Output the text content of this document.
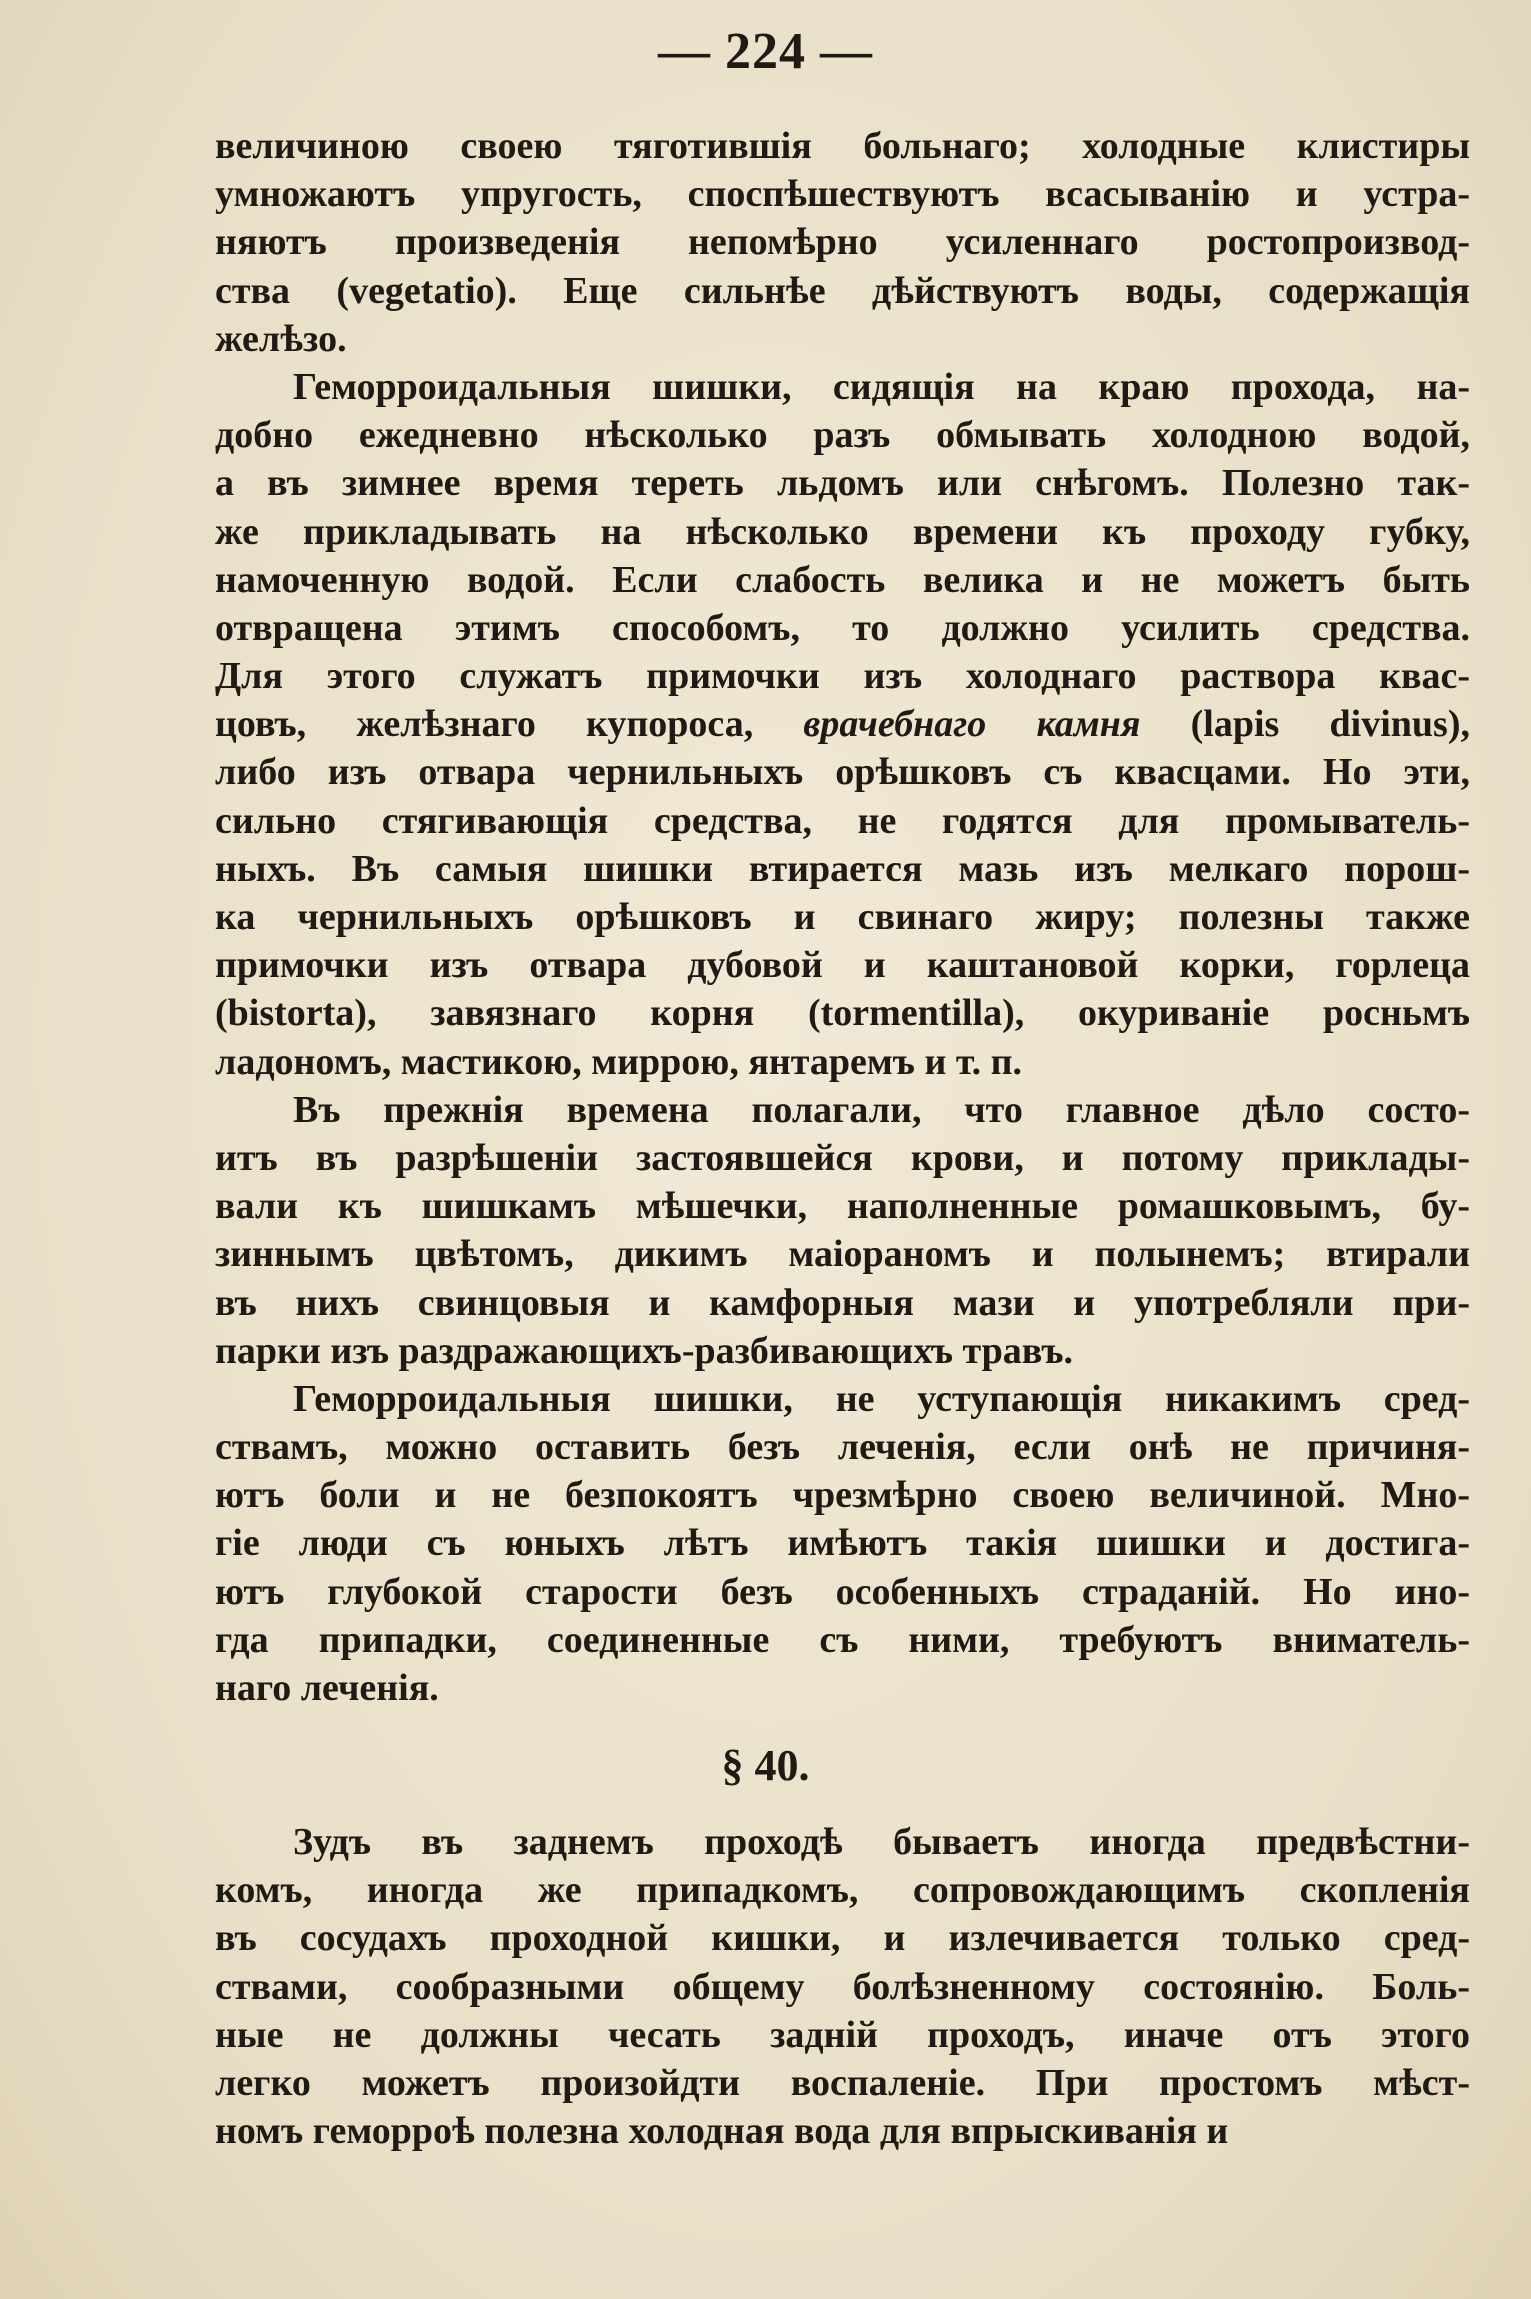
— 224 —
величиною своею тяготившія больнаго; холодные клистиры
умножаютъ упругость, споспѣшествуютъ всасыванію и устра-
няютъ произведенія непомѣрно усиленнаго ростопроизвод-
ства (vegetatio). Еще сильнѣе дѣйствуютъ воды, содержащія
желѣзо.
Геморроидальныя шишки, сидящія на краю прохода, на-
добно ежедневно нѣсколько разъ обмывать холодною водой,
а въ зимнее время тереть льдомъ или снѣгомъ. Полезно так-
же прикладывать на нѣсколько времени къ проходу губку,
намоченную водой. Если слабость велика и не можетъ быть
отвращена этимъ способомъ, то должно усилить средства.
Для этого служатъ примочки изъ холоднаго раствора квас-
цовъ, желѣзнаго купороса, врачебнаго камня (lapis divinus),
либо изъ отвара чернильныхъ орѣшковъ съ квасцами. Но эти,
сильно стягивающія средства, не годятся для промыватель-
ныхъ. Въ самыя шишки втирается мазь изъ мелкаго порош-
ка чернильныхъ орѣшковъ и свинаго жиру; полезны также
примочки изъ отвара дубовой и каштановой корки, горлеца
(bistorta), завязнаго корня (tormentilla), окуриваніе росньмъ
ладономъ, мастикою, миррою, янтаремъ и т. п.
Въ прежнія времена полагали, что главное дѣло состо-
итъ въ разрѣшеніи застоявшейся крови, и потому приклады-
вали къ шишкамъ мѣшечки, наполненные ромашковымъ, бу-
зиннымъ цвѣтомъ, дикимъ маіораномъ и полынемъ; втирали
въ нихъ свинцовыя и камфорныя мази и употребляли при-
парки изъ раздражающихъ-разбивающихъ травъ.
Геморроидальныя шишки, не уступающія никакимъ сред-
ствамъ, можно оставить безъ леченія, если онѣ не причиня-
ютъ боли и не безпокоятъ чрезмѣрно своею величиной. Мно-
гіе люди съ юныхъ лѣтъ имѣютъ такія шишки и достига-
ютъ глубокой старости безъ особенныхъ страданій. Но ино-
гда припадки, соединенные съ ними, требуютъ вниматель-
наго леченія.
§ 40.
Зудъ въ заднемъ проходѣ бываетъ иногда предвѣстни-
комъ, иногда же припадкомъ, сопровождающимъ скопленія
въ сосудахъ проходной кишки, и излечивается только сред-
ствами, сообразными общему болѣзненному состоянію. Боль-
ные не должны чесать задній проходъ, иначе отъ этого
легко можетъ произойдти воспаленіе. При простомъ мѣст-
номъ геморроѣ полезна холодная вода для впрыскиванія и
